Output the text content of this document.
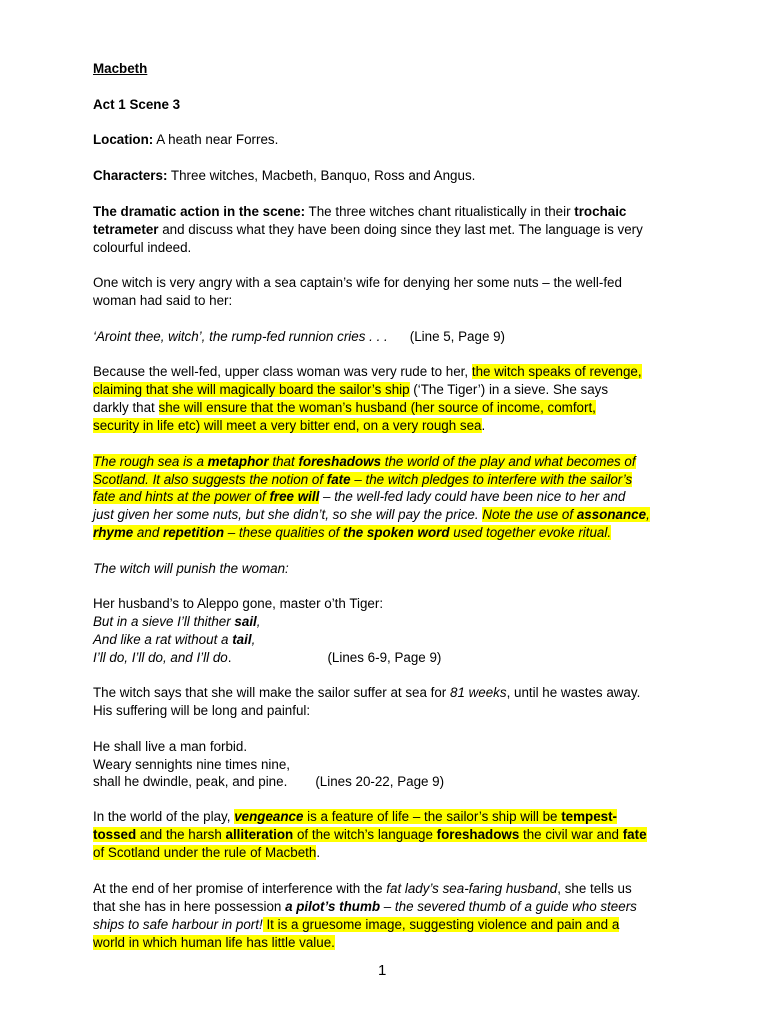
Macbeth
Act 1 Scene 3
Location: A heath near Forres.
Characters: Three witches, Macbeth, Banquo, Ross and Angus.
The dramatic action in the scene: The three witches chant ritualistically in their trochaic
tetrameter and discuss what they have been doing since they last met. The language is very
colourful indeed.
One witch is very angry with a sea captain’s wife for denying her some nuts – the well-fed
woman had said to her:
‘Aroint thee, witch’, the rump-fed runnion cries . . . (Line 5, Page 9)
Because the well-fed, upper class woman was very rude to her, the witch speaks of revenge,
claiming that she will magically board the sailor’s ship (‘The Tiger’) in a sieve. She says
darkly that she will ensure that the woman’s husband (her source of income, comfort,
security in life etc) will meet a very bitter end, on a very rough sea.
The rough sea is a metaphor that foreshadows the world of the play and what becomes of
Scotland. It also suggests the notion of fate – the witch pledges to interfere with the sailor’s
fate and hints at the power of free will – the well-fed lady could have been nice to her and
just given her some nuts, but she didn’t, so she will pay the price. Note the use of assonance,
rhyme and repetition – these qualities of the spoken word used together evoke ritual.
The witch will punish the woman:
Her husband’s to Aleppo gone, master o’th Tiger:
But in a sieve I’ll thither sail,
And like a rat without a tail,
I’ll do, I’ll do, and I’ll do.	(Lines 6-9, Page 9)
The witch says that she will make the sailor suffer at sea for 81 weeks, until he wastes away.
His suffering will be long and painful:
He shall live a man forbid.
Weary sennights nine times nine,
shall he dwindle, peak, and pine. (Lines 20-22, Page 9)
In the world of the play, vengeance is a feature of life – the sailor’s ship will be tempest-
tossed and the harsh alliteration of the witch’s language foreshadows the civil war and fate
of Scotland under the rule of Macbeth.
At the end of her promise of interference with the fat lady’s sea-faring husband, she tells us
that she has in here possession a pilot’s thumb – the severed thumb of a guide who steers
ships to safe harbour in port! It is a gruesome image, suggesting violence and pain and a
world in which human life has little value.
1
